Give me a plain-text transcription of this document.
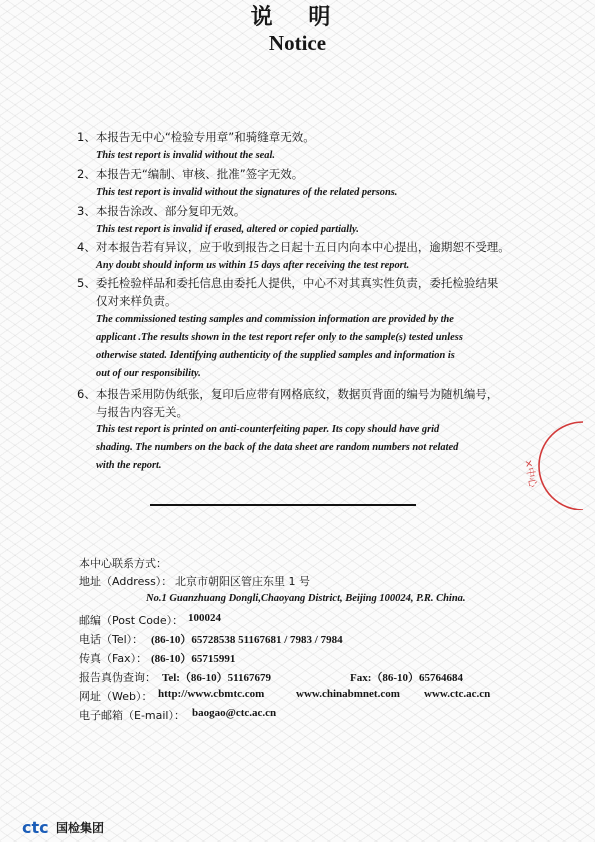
说 明
Notice
1、本报告无中心“检验专用章”和骑缝章无效。
This test report is invalid without the seal.
2、本报告无“编制、审核、批准”签字无效。
This test report is invalid without the signatures of the related persons.
3、本报告涂改、部分复印无效。
This test report is invalid if erased, altered or copied partially.
4、对本报告若有异议，应于收到报告之日起十五日内向本中心提出，逾期恕不受理。
Any doubt should inform us within 15 days after receiving the test report.
5、委托检验样品和委托信息由委托人提供，中心不对其真实性负责，委托检验结果
仅对来样负责。
The commissioned testing samples and commission information are provided by the
applicant .The results shown in the test report refer only to the sample(s) tested unless
otherwise stated. Identifying authenticity of the supplied samples and information is
out of our responsibility.
6、本报告采用防伪纸张，复印后应带有网格底纹，数据页背面的编号为随机编号，
与报告内容无关。
This test report is printed on anti-counterfeiting paper. Its copy should have grid
shading. The numbers on the back of the data sheet are random numbers not related
with the report.
本中心联系方式：
地址（Address）： 北京市朝阳区管庄东里 1 号
No.1 Guanzhuang Dongli,Chaoyang District, Beijing 100024, P.R. China.
邮编（Post Code）： 100024
电话（Tel）： (86-10）65728538 51167681 / 7983 / 7984
传真（Fax）： (86-10）65715991
报告真伪查询： Tel:（86-10）51167679	Fax:（86-10）65764684
网址（Web）： http://www.cbmtc.com	www.chinabmnet.com www.ctc.ac.cn
电子邮箱（E-mail）： baogao@ctc.ac.cn
×中心
ctc 国检集团
